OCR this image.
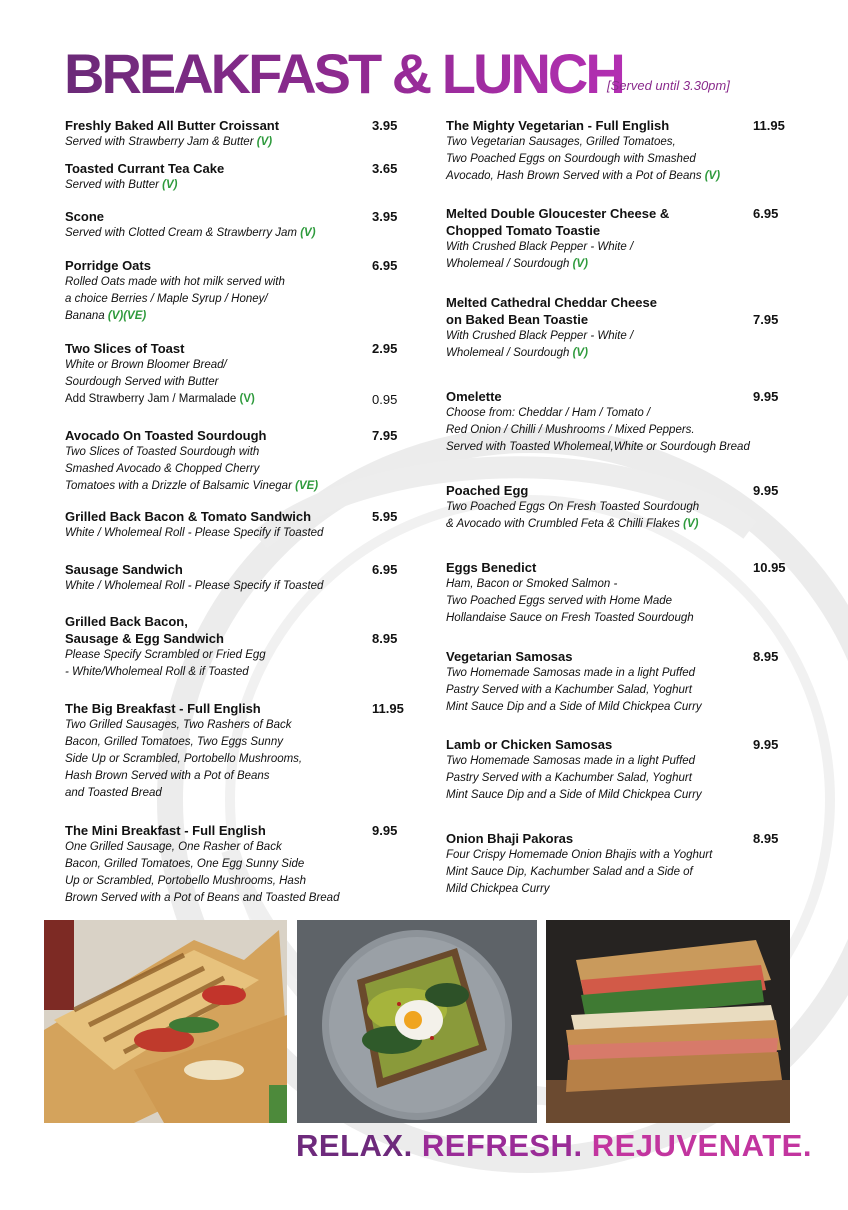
BREAKFAST & LUNCH
[Served until 3.30pm]
Freshly Baked All Butter Croissant
Served with Strawberry Jam & Butter (V)
3.95
Toasted Currant Tea Cake
Served with Butter (V)
3.65
Scone
Served with Clotted Cream & Strawberry Jam (V)
3.95
Porridge Oats
Rolled Oats made with hot milk served with
a choice Berries / Maple Syrup / Honey/
Banana (V)(VE)
6.95
Two Slices of Toast
White or Brown Bloomer Bread/
Sourdough Served with Butter
Add Strawberry Jam / Marmalade (V)
2.95
0.95
Avocado On Toasted Sourdough
Two Slices of Toasted Sourdough with
Smashed Avocado & Chopped Cherry
Tomatoes with a Drizzle of Balsamic Vinegar (VE)
7.95
Grilled Back Bacon & Tomato Sandwich
White / Wholemeal Roll - Please Specify if Toasted
5.95
Sausage Sandwich
White / Wholemeal Roll - Please Specify if Toasted
6.95
Grilled Back Bacon,
Sausage & Egg Sandwich
Please Specify Scrambled or Fried Egg
- White/Wholemeal Roll & if Toasted
8.95
The Big Breakfast - Full English
Two Grilled Sausages, Two Rashers of Back
Bacon, Grilled Tomatoes, Two Eggs Sunny
Side Up or Scrambled, Portobello Mushrooms,
Hash Brown Served with a Pot of Beans
and Toasted Bread
11.95
The Mini Breakfast - Full English
One Grilled Sausage, One Rasher of Back
Bacon, Grilled Tomatoes, One Egg Sunny Side
Up or Scrambled, Portobello Mushrooms, Hash
Brown Served with a Pot of Beans and Toasted Bread
9.95
The Mighty Vegetarian - Full English
Two Vegetarian Sausages, Grilled Tomatoes,
Two Poached Eggs on Sourdough with Smashed
Avocado, Hash Brown Served with a Pot of Beans (V)
11.95
Melted Double Gloucester Cheese &
Chopped Tomato Toastie
With Crushed Black Pepper - White /
Wholemeal / Sourdough (V)
6.95
Melted Cathedral Cheddar Cheese
on Baked Bean Toastie
With Crushed Black Pepper - White /
Wholemeal / Sourdough (V)
7.95
Omelette
Choose from: Cheddar / Ham / Tomato /
Red Onion / Chilli / Mushrooms / Mixed Peppers.
Served with Toasted Wholemeal,White or Sourdough Bread
9.95
Poached Egg
Two Poached Eggs On Fresh Toasted Sourdough
& Avocado with Crumbled Feta & Chilli Flakes (V)
9.95
Eggs Benedict
Ham, Bacon or Smoked Salmon -
Two Poached Eggs served with Home Made
Hollandaise Sauce on Fresh Toasted Sourdough
10.95
Vegetarian Samosas
Two Homemade Samosas made in a light Puffed
Pastry Served with a Kachumber Salad, Yoghurt
Mint Sauce Dip and a Side of Mild Chickpea Curry
8.95
Lamb or Chicken Samosas
Two Homemade Samosas made in a light Puffed
Pastry Served with a Kachumber Salad, Yoghurt
Mint Sauce Dip and a Side of Mild Chickpea Curry
9.95
Onion Bhaji Pakoras
Four Crispy Homemade Onion Bhajis with a Yoghurt
Mint Sauce Dip, Kachumber Salad and a Side of
Mild Chickpea Curry
8.95
RELAX. REFRESH. REJUVENATE.
